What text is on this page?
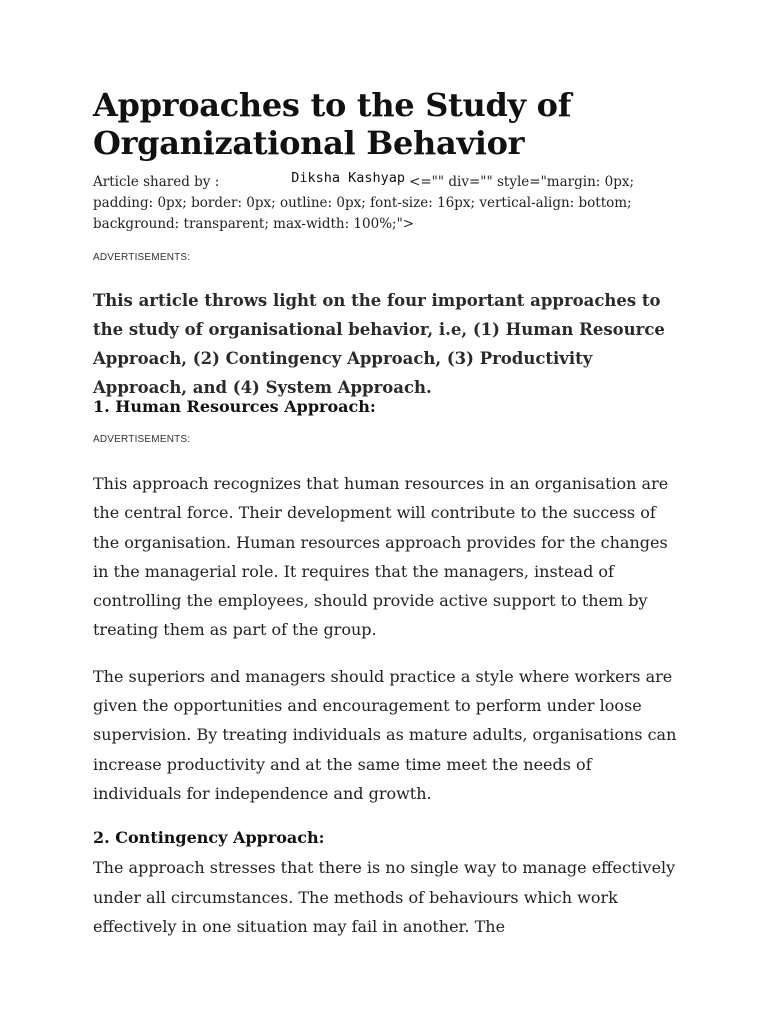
Approaches to the Study of Organizational Behavior
Article shared by :	Diksha Kashyap <="" div="" style="margin: 0px; padding: 0px; border: 0px; outline: 0px; font-size: 16px; vertical-align: bottom; background: transparent; max-width: 100%;">

ADVERTISEMENTS:

This article throws light on the four important approaches to the study of organisational behavior, i.e, (1) Human Resource Approach, (2) Contingency Approach, (3) Productivity Approach, and (4) System Approach.

1. Human Resources Approach:

ADVERTISEMENTS:

This approach recognizes that human resources in an organisation are the central force. Their development will contribute to the success of the organisation. Human resources approach provides for the changes in the managerial role. It requires that the managers, instead of controlling the employees, should provide active support to them by treating them as part of the group.

The superiors and managers should practice a style where workers are given the opportunities and encouragement to perform under loose supervision. By treating individuals as mature adults, organisations can increase productivity and at the same time meet the needs of individuals for independence and growth.

2. Contingency Approach:

The approach stresses that there is no single way to manage effectively under all circumstances. The methods of behaviours which work effectively in one situation may fail in another. The
